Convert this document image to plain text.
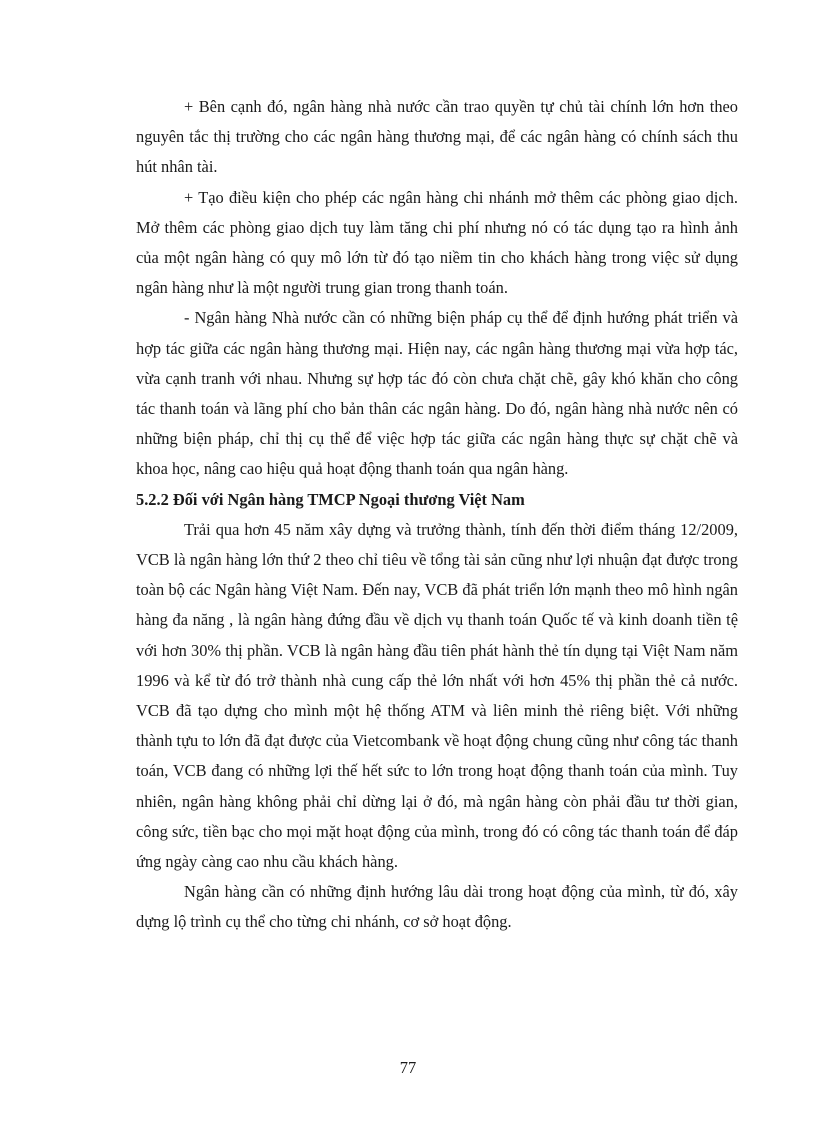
+ Bên cạnh đó, ngân hàng nhà nước cần trao quyền tự chủ tài chính lớn hơn theo nguyên tắc thị trường cho các ngân hàng thương mại, để các ngân hàng có chính sách thu hút nhân tài.

+ Tạo điều kiện cho phép các ngân hàng chi nhánh mở thêm các phòng giao dịch. Mở thêm các phòng giao dịch tuy làm tăng chi phí nhưng nó có tác dụng tạo ra hình ảnh của một ngân hàng có quy mô lớn từ đó tạo niềm tin cho khách hàng trong việc sử dụng ngân hàng như là một người trung gian trong thanh toán.

- Ngân hàng Nhà nước cần có những biện pháp cụ thể để định hướng phát triển và hợp tác giữa các ngân hàng thương mại. Hiện nay, các ngân hàng thương mại vừa hợp tác, vừa cạnh tranh với nhau. Nhưng sự hợp tác đó còn chưa chặt chẽ, gây khó khăn cho công tác thanh toán và lãng phí cho bản thân các ngân hàng. Do đó, ngân hàng nhà nước nên có những biện pháp, chỉ thị cụ thể để việc hợp tác giữa các ngân hàng thực sự chặt chẽ và khoa học, nâng cao hiệu quả hoạt động thanh toán qua ngân hàng.

5.2.2 Đối với Ngân hàng TMCP Ngoại thương Việt Nam

Trải qua hơn 45 năm xây dựng và trưởng thành, tính đến thời điểm tháng 12/2009, VCB là ngân hàng lớn thứ 2 theo chỉ tiêu về tổng tài sản cũng như lợi nhuận đạt được trong toàn bộ các Ngân hàng Việt Nam. Đến nay, VCB đã phát triển lớn mạnh theo mô hình ngân hàng đa năng , là ngân hàng đứng đầu về dịch vụ thanh toán Quốc tế và kinh doanh tiền tệ với hơn 30% thị phần. VCB là ngân hàng đầu tiên phát hành thẻ tín dụng tại Việt Nam năm 1996 và kể từ đó trở thành nhà cung cấp thẻ lớn nhất với hơn 45% thị phần thẻ cả nước. VCB đã tạo dựng cho mình một hệ thống ATM và liên minh thẻ riêng biệt. Với những thành tựu to lớn đã đạt được của Vietcombank về hoạt động chung cũng như công tác thanh toán, VCB đang có những lợi thế hết sức to lớn trong hoạt động thanh toán của mình. Tuy nhiên, ngân hàng không phải chỉ dừng lại ở đó, mà ngân hàng còn phải đầu tư thời gian, công sức, tiền bạc cho mọi mặt hoạt động của mình, trong đó có công tác thanh toán để đáp ứng ngày càng cao nhu cầu khách hàng.

Ngân hàng cần có những định hướng lâu dài trong hoạt động của mình, từ đó, xây dựng lộ trình cụ thể cho từng chi nhánh, cơ sở hoạt động.

77
